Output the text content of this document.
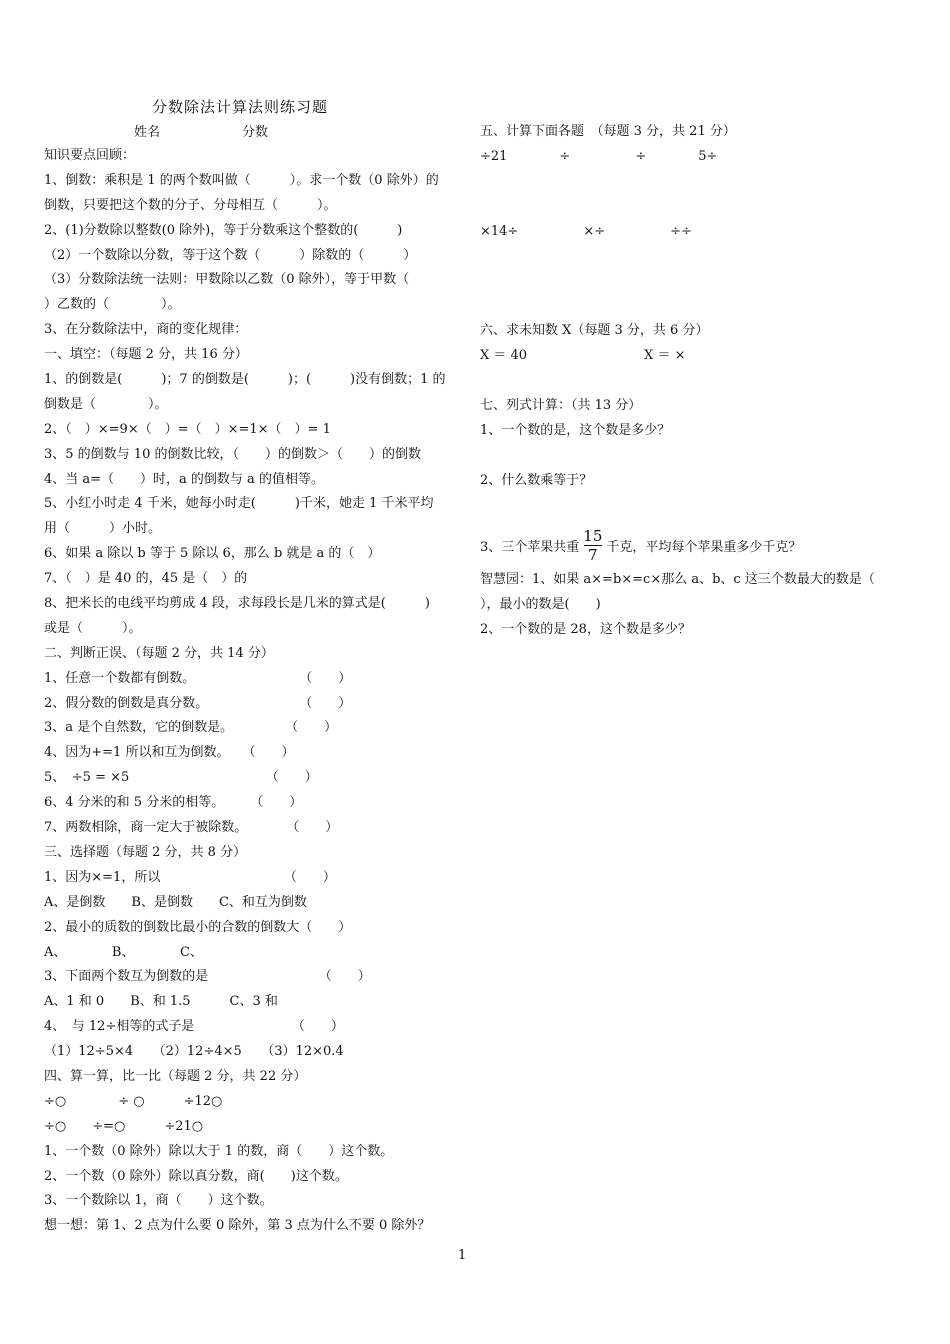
分数除法计算法则练习题
姓名	分数
知识要点回顾：
1、倒数：乘积是 1 的两个数叫做（　　　）。求一个数（0 除外）的
倒数，只要把这个数的分子、分母相互（　　　）。
2、(1)分数除以整数(0 除外)，等于分数乘这个整数的(　　　)
（2）一个数除以分数，等于这个数（　　　）除数的（　　　）
（3）分数除法统一法则：甲数除以乙数（0 除外），等于甲数（
）乙数的（　　　　）。
3、在分数除法中，商的变化规律：
一、填空：（每题 2 分，共 16 分）
1、的倒数是(　　　)；7 的倒数是(　　　)；(　　　)没有倒数；1 的
倒数是（　　　　）。
2、（　）×=9×（　）=（　）×=1×（　）= 1
3、5 的倒数与 10 的倒数比较，（　　）的倒数＞（　　）的倒数
4、当 a=（　　）时，a 的倒数与 a 的值相等。
5、小红小时走 4 千米，她每小时走(　　　)千米，她走 1 千米平均
用（　　　）小时。
6、如果 a 除以 b 等于 5 除以 6，那么 b 就是 a 的（　）
7、（　）是 40 的，45 是（　）的
8、把米长的电线平均剪成 4 段，求每段长是几米的算式是(　　　)
或是（　　　）。
二、判断正误、（每题 2 分，共 14 分）
1、任意一个数都有倒数。　　　　　　　　　（　　）
2、假分数的倒数是真分数。　　　　　　　　（　　）
3、a 是个自然数，它的倒数是。　　　　　（　　）
4、因为+=1 所以和互为倒数。　　（　　）
5、　÷5 = ×5　　　　　　　　　　　（　　）
6、4 分米的和 5 分米的相等。　　　（　　）
7、两数相除，商一定大于被除数。　　　　（　　）
三、选择题（每题 2 分，共 8 分）
1、因为×=1，所以　　　　　　　　　　（　　）
A、是倒数　　B、是倒数　　C、和互为倒数
2、最小的质数的倒数比最小的合数的倒数大（　　）
A、　　　　B、　　　　C、
3、下面两个数互为倒数的是　　　　　　　　　（　　）
A、1 和 0　　B、和 1.5　　　C、3 和
4、　与 12÷相等的式子是　　　　　　　　（　　）
（1）12÷5×4　　（2）12÷4×5　　（3）12×0.4
四、算一算，比一比（每题 2 分，共 22 分）
÷○　　　　÷ ○　　　÷12○
÷○　　÷=○　　　÷21○
1、一个数（0 除外）除以大于 1 的数，商（　　）这个数。
2、一个数（0 除外）除以真分数，商(　　)这个数。
3、一个数除以 1，商（　　）这个数。
想一想：第 1、2 点为什么要 0 除外，第 3 点为什么不要 0 除外？
五、计算下面各题　（每题 3 分，共 21 分）
÷21　　　　÷　　　　　÷　　　　5÷
×14÷　　　　　×÷　　　　　÷÷
六、求未知数 X（每题 3 分，共 6 分）
X ＝ 40　　　　　　　　　X ＝ ×
七、列式计算：（共 13 分）
1、一个数的是，这个数是多少？
2、什么数乘等于？
3、三个苹果共重 $\frac{15}{7}$ 千克，平均每个苹果重多少千克？
智慧园：1、如果 a×=b×=c×那么 a、b、c 这三个数最大的数是（
），最小的数是(　　)
2、一个数的是 28，这个数是多少？
1
